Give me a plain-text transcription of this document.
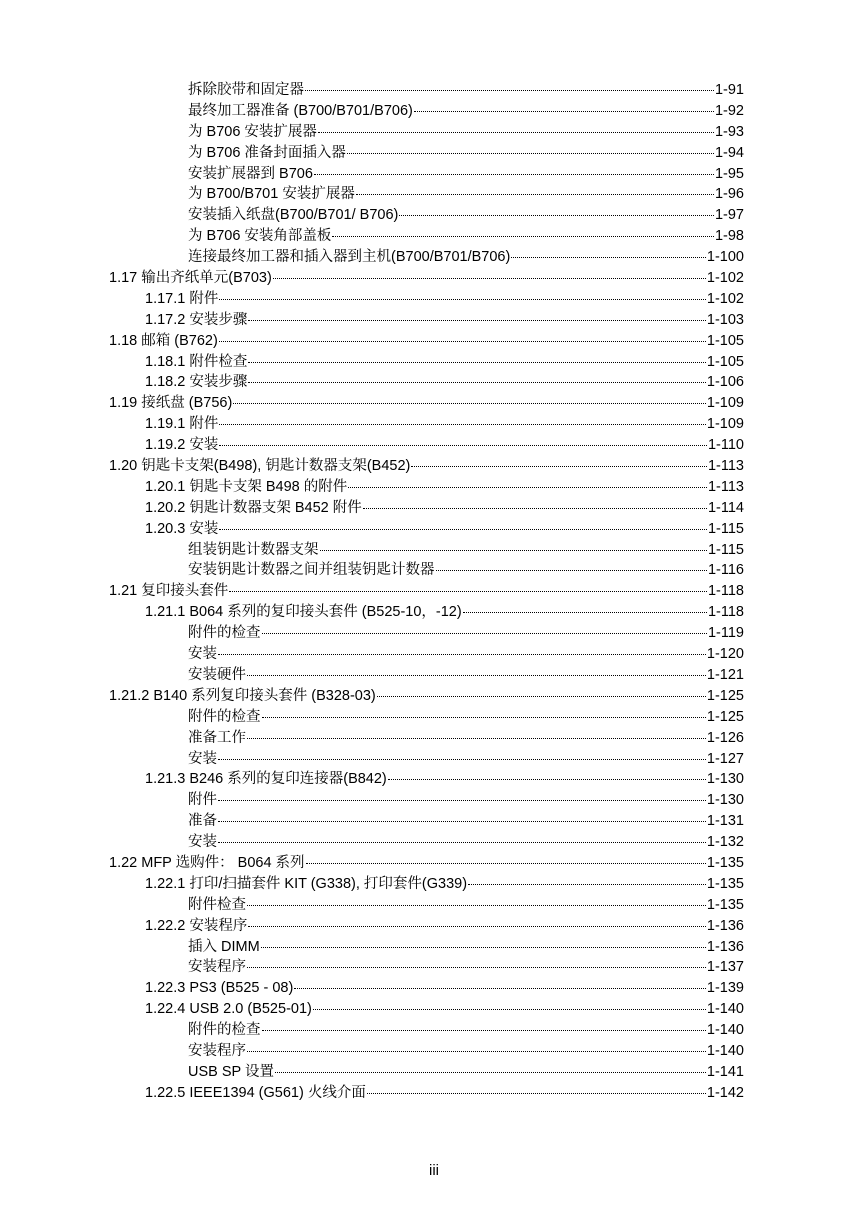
拆除胶带和固定器	1-91
最终加工器准备 (B700/B701/B706)	1-92
为 B706 安装扩展器	1-93
为 B706 准备封面插入器	1-94
安装扩展器到 B706	1-95
为 B700/B701 安装扩展器	1-96
安装插入纸盘(B700/B701/ B706)	1-97
为 B706 安装角部盖板	1-98
连接最终加工器和插入器到主机(B700/B701/B706)	1-100
1.17 输出齐纸单元(B703)	1-102
1.17.1 附件	1-102
1.17.2 安装步骤	1-103
1.18 邮箱 (B762)	1-105
1.18.1 附件检查	1-105
1.18.2 安装步骤	1-106
1.19 接纸盘 (B756)	1-109
1.19.1 附件	1-109
1.19.2 安装	1-110
1.20 钥匙卡支架(B498), 钥匙计数器支架(B452)	1-113
1.20.1 钥匙卡支架 B498 的附件	1-113
1.20.2 钥匙计数器支架 B452 附件	1-114
1.20.3 安装	1-115
组装钥匙计数器支架	1-115
安装钥匙计数器之间并组装钥匙计数器	1-116
1.21 复印接头套件	1-118
1.21.1 B064 系列的复印接头套件 (B525-10，-12)	1-118
附件的检查	1-119
安装	1-120
安装硬件	1-121
1.21.2 B140 系列复印接头套件 (B328-03)	1-125
附件的检查	1-125
准备工作	1-126
安装	1-127
1.21.3 B246 系列的复印连接器(B842)	1-130
附件	1-130
准备	1-131
安装	1-132
1.22 MFP 选购件： B064 系列	1-135
1.22.1 打印/扫描套件 KIT (G338), 打印套件(G339)	1-135
附件检查	1-135
1.22.2 安装程序	1-136
插入 DIMM	1-136
安装程序	1-137
1.22.3 PS3 (B525 - 08)	1-139
1.22.4 USB 2.0 (B525-01)	1-140
附件的检查	1-140
安装程序	1-140
USB SP 设置	1-141
1.22.5 IEEE1394 (G561) 火线介面	1-142
iii
